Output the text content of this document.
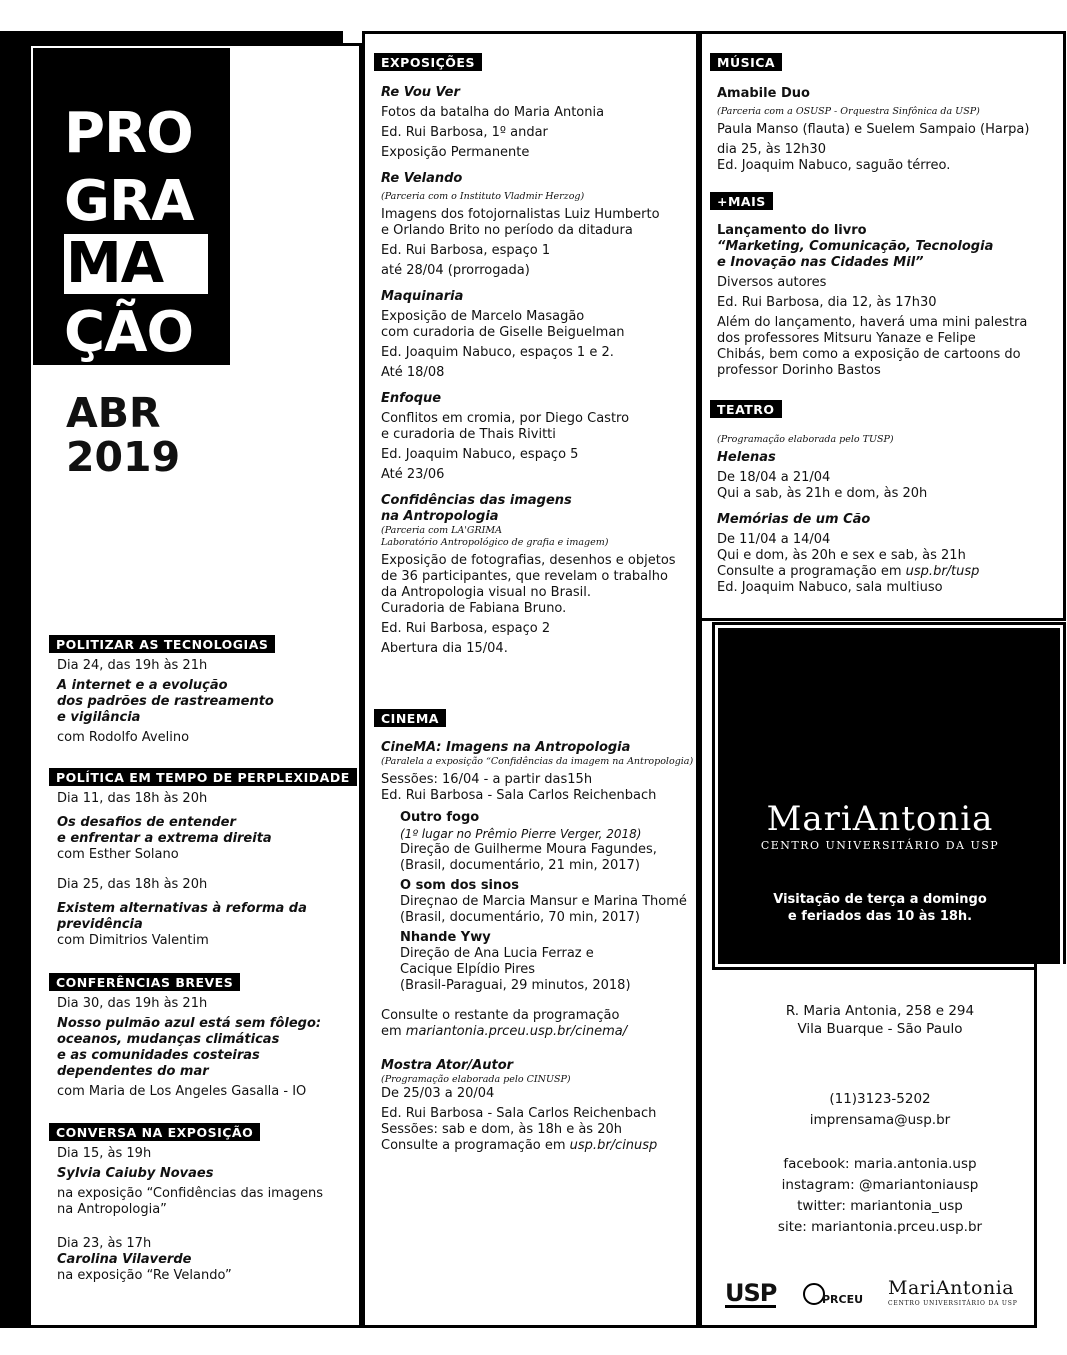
PRO
GRA
MA
ÇÃO
ABR
2019
POLITIZAR AS TECNOLOGIAS
Dia 24, das 19h às 21h
A internet e a evolução
dos padrões de rastreamento
e vigilância
com Rodolfo Avelino
POLÍTICA EM TEMPO DE PERPLEXIDADE
Dia 11, das 18h às 20h
Os desafios de entender
e enfrentar a extrema direita
com Esther Solano
Dia 25, das 18h às 20h
Existem alternativas à reforma da
previdência
com Dimitrios Valentim
CONFERÊNCIAS BREVES
Dia 30, das 19h às 21h
Nosso pulmão azul está sem fôlego:
oceanos, mudanças climáticas
e as comunidades costeiras
dependentes do mar
com Maria de Los Angeles Gasalla - IO
CONVERSA NA EXPOSIÇÃO
Dia 15, às 19h
Sylvia Caiuby Novaes
na exposição “Confidências das imagens
na Antropologia”
Dia 23, às 17h
Carolina Vilaverde
na exposição “Re Velando”
EXPOSIÇÕES
Re Vou Ver
Fotos da batalha do Maria Antonia
Ed. Rui Barbosa, 1º andar
Exposição Permanente
Re Velando
(Parceria com o Instituto Vladmir Herzog)
Imagens dos fotojornalistas Luiz Humberto
e Orlando Brito no período da ditadura
Ed. Rui Barbosa, espaço 1
até 28/04 (prorrogada)
Maquinaria
Exposição de Marcelo Masagão
com curadoria de Giselle Beiguelman
Ed. Joaquim Nabuco, espaços 1 e 2.
Até 18/08
Enfoque
Conflitos em cromia, por Diego Castro
e curadoria de Thais Rivitti
Ed. Joaquim Nabuco, espaço 5
Até 23/06
Confidências das imagens
na Antropologia
(Parceria com LA'GRIMA
Laboratório Antropológico de grafia e imagem)
Exposição de fotografias, desenhos e objetos
de 36 participantes, que revelam o trabalho
da Antropologia visual no Brasil.
Curadoria de Fabiana Bruno.
Ed. Rui Barbosa, espaço 2
Abertura dia 15/04.
CINEMA
CineMA: Imagens na Antropologia
(Paralela a exposição “Confidências da imagem na Antropologia)
Sessões: 16/04 - a partir das15h
Ed. Rui Barbosa - Sala Carlos Reichenbach
Outro fogo
(1º lugar no Prêmio Pierre Verger, 2018)
Direção de Guilherme Moura Fagundes,
(Brasil, documentário, 21 min, 2017)
O som dos sinos
Direçnao de Marcia Mansur e Marina Thomé
(Brasil, documentário, 70 min, 2017)
Nhande Ywy
Direção de Ana Lucia Ferraz e
Cacique Elpídio Pires
(Brasil-Paraguai, 29 minutos, 2018)
Consulte o restante da programação
em mariantonia.prceu.usp.br/cinema/
Mostra Ator/Autor
(Programação elaborada pelo CINUSP)
De 25/03 a 20/04
Ed. Rui Barbosa - Sala Carlos Reichenbach
Sessões: sab e dom, às 18h e às 20h
Consulte a programação em usp.br/cinusp
MÚSICA
Amabile Duo
(Parceria com a OSUSP - Orquestra Sinfônica da USP)
Paula Manso (flauta) e Suelem Sampaio (Harpa)
dia 25, às 12h30
Ed. Joaquim Nabuco, saguão térreo.
+MAIS
Lançamento do livro
“Marketing, Comunicação, Tecnologia
e Inovação nas Cidades Mil”
Diversos autores
Ed. Rui Barbosa, dia 12, às 17h30
Além do lançamento, haverá uma mini palestra
dos professores Mitsuru Yanaze e Felipe
Chibás, bem como a exposição de cartoons do
professor Dorinho Bastos
TEATRO
(Programação elaborada pelo TUSP)
Helenas
De 18/04 a 21/04
Qui a sab, às 21h e dom, às 20h
Memórias de um Cão
De 11/04 a 14/04
Qui e dom, às 20h e sex e sab, às 21h
Consulte a programação em usp.br/tusp
Ed. Joaquim Nabuco, sala multiuso
MariAntonia
CENTRO UNIVERSITÁRIO DA USP
Visitação de terça a domingo
e feriados das 10 às 18h.
R. Maria Antonia, 258 e 294
Vila Buarque - São Paulo
(11)3123-5202
imprensama@usp.br
facebook: maria.antonia.usp
instagram: @mariantoniausp
twitter: mariantonia_usp
site: mariantonia.prceu.usp.br
USP	PRCEU
MariAntonia
CENTRO UNIVERSITÁRIO DA USP
